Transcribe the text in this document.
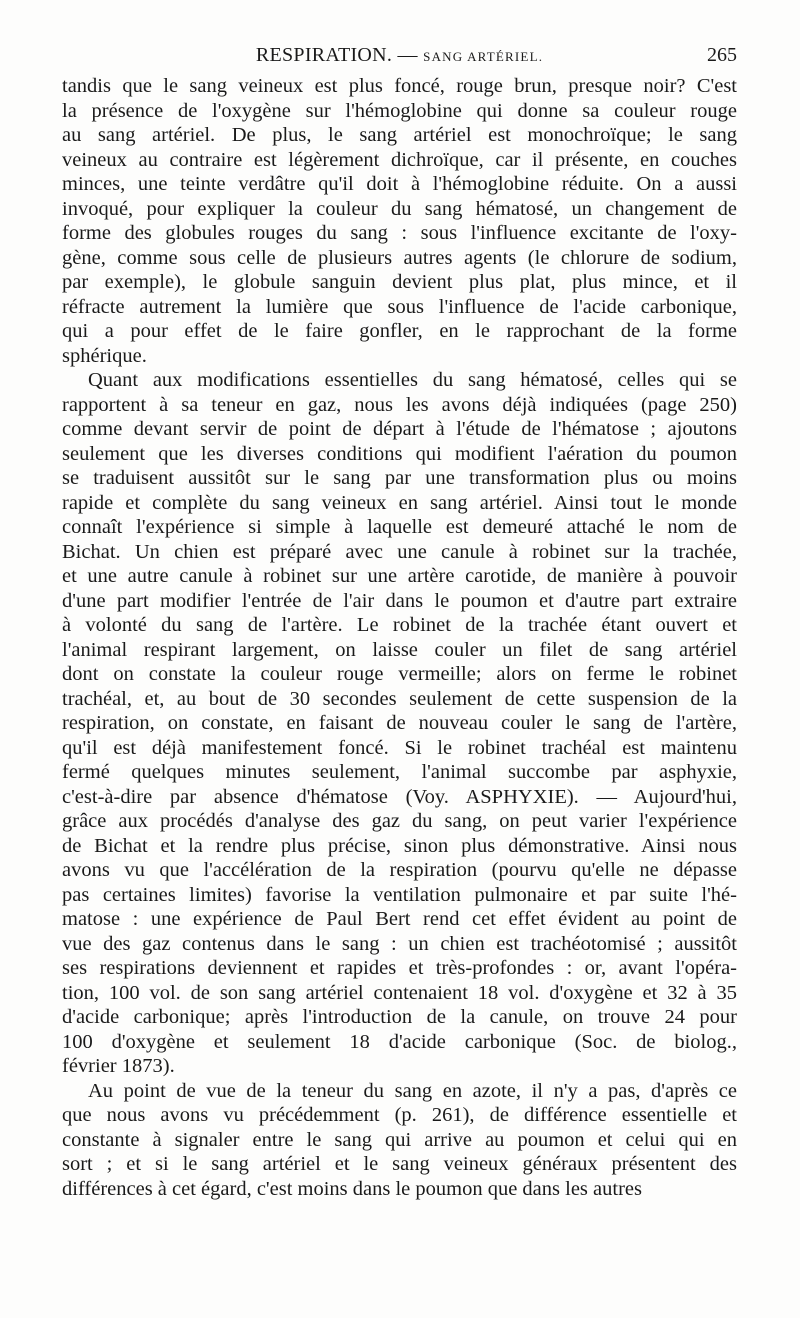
RESPIRATION. — SANG ARTÉRIEL.	265
tandis que le sang veineux est plus foncé, rouge brun, presque noir? C'est
la présence de l'oxygène sur l'hémoglobine qui donne sa couleur rouge
au sang artériel. De plus, le sang artériel est monochroïque; le sang
veineux au contraire est légèrement dichroïque, car il présente, en couches
minces, une teinte verdâtre qu'il doit à l'hémoglobine réduite. On a aussi
invoqué, pour expliquer la couleur du sang hématosé, un changement de
forme des globules rouges du sang : sous l'influence excitante de l'oxy-
gène, comme sous celle de plusieurs autres agents (le chlorure de sodium,
par exemple), le globule sanguin devient plus plat, plus mince, et il
réfracte autrement la lumière que sous l'influence de l'acide carbonique,
qui a pour effet de le faire gonfler, en le rapprochant de la forme
sphérique.
Quant aux modifications essentielles du sang hématosé, celles qui se
rapportent à sa teneur en gaz, nous les avons déjà indiquées (page 250)
comme devant servir de point de départ à l'étude de l'hématose ; ajoutons
seulement que les diverses conditions qui modifient l'aération du poumon
se traduisent aussitôt sur le sang par une transformation plus ou moins
rapide et complète du sang veineux en sang artériel. Ainsi tout le monde
connaît l'expérience si simple à laquelle est demeuré attaché le nom de
Bichat. Un chien est préparé avec une canule à robinet sur la trachée,
et une autre canule à robinet sur une artère carotide, de manière à pouvoir
d'une part modifier l'entrée de l'air dans le poumon et d'autre part extraire
à volonté du sang de l'artère. Le robinet de la trachée étant ouvert et
l'animal respirant largement, on laisse couler un filet de sang artériel
dont on constate la couleur rouge vermeille; alors on ferme le robinet
trachéal, et, au bout de 30 secondes seulement de cette suspension de la
respiration, on constate, en faisant de nouveau couler le sang de l'artère,
qu'il est déjà manifestement foncé. Si le robinet trachéal est maintenu
fermé quelques minutes seulement, l'animal succombe par asphyxie,
c'est-à-dire par absence d'hématose (Voy. ASPHYXIE). — Aujourd'hui,
grâce aux procédés d'analyse des gaz du sang, on peut varier l'expérience
de Bichat et la rendre plus précise, sinon plus démonstrative. Ainsi nous
avons vu que l'accélération de la respiration (pourvu qu'elle ne dépasse
pas certaines limites) favorise la ventilation pulmonaire et par suite l'hé-
matose : une expérience de Paul Bert rend cet effet évident au point de
vue des gaz contenus dans le sang : un chien est trachéotomisé ; aussitôt
ses respirations deviennent et rapides et très-profondes : or, avant l'opéra-
tion, 100 vol. de son sang artériel contenaient 18 vol. d'oxygène et 32 à 35
d'acide carbonique; après l'introduction de la canule, on trouve 24 pour
100 d'oxygène et seulement 18 d'acide carbonique (Soc. de biolog.,
février 1873).
Au point de vue de la teneur du sang en azote, il n'y a pas, d'après ce
que nous avons vu précédemment (p. 261), de différence essentielle et
constante à signaler entre le sang qui arrive au poumon et celui qui en
sort ; et si le sang artériel et le sang veineux généraux présentent des
différences à cet égard, c'est moins dans le poumon que dans les autres
